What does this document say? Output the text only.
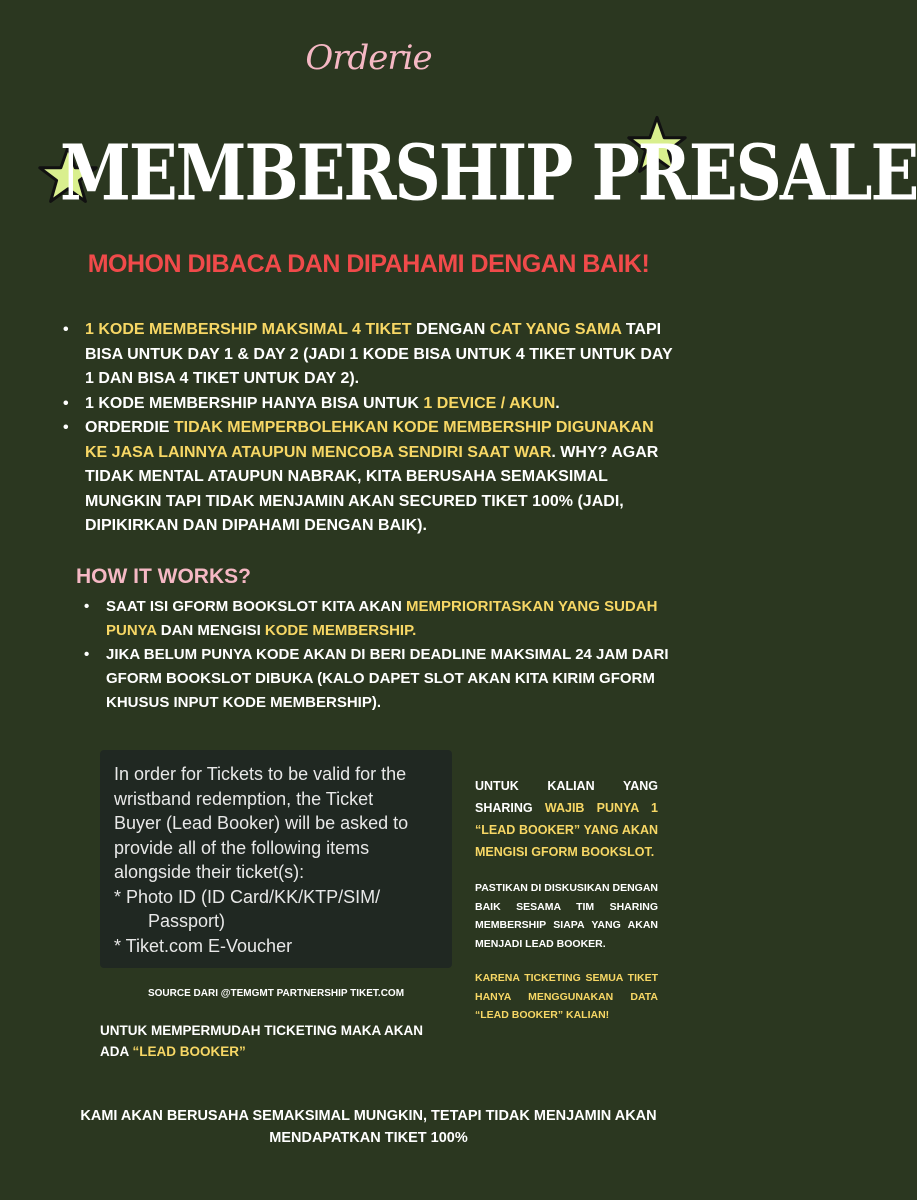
Orderie
MEMBERSHIP PRESALE
MOHON DIBACA DAN DIPAHAMI DENGAN BAIK!
• 1 KODE MEMBERSHIP MAKSIMAL 4 TIKET DENGAN CAT YANG SAMA TAPI BISA UNTUK DAY 1 & DAY 2 (JADI 1 KODE BISA UNTUK 4 TIKET UNTUK DAY 1 DAN BISA 4 TIKET UNTUK DAY 2).
• 1 KODE MEMBERSHIP HANYA BISA UNTUK 1 DEVICE / AKUN.
• ORDERDIE TIDAK MEMPERBOLEHKAN KODE MEMBERSHIP DIGUNAKAN KE JASA LAINNYA ATAUPUN MENCOBA SENDIRI SAAT WAR. WHY? AGAR TIDAK MENTAL ATAUPUN NABRAK, KITA BERUSAHA SEMAKSIMAL MUNGKIN TAPI TIDAK MENJAMIN AKAN SECURED TIKET 100% (JADI, DIPIKIRKAN DAN DIPAHAMI DENGAN BAIK).
HOW IT WORKS?
• SAAT ISI GFORM BOOKSLOT KITA AKAN MEMPRIORITASKAN YANG SUDAH PUNYA DAN MENGISI KODE MEMBERSHIP.
• JIKA BELUM PUNYA KODE AKAN DI BERI DEADLINE MAKSIMAL 24 JAM DARI GFORM BOOKSLOT DIBUKA (KALO DAPET SLOT AKAN KITA KIRIM GFORM KHUSUS INPUT KODE MEMBERSHIP).
In order for Tickets to be valid for the
wristband redemption, the Ticket
Buyer (Lead Booker) will be asked to
provide all of the following items
alongside their ticket(s):
* Photo ID (ID Card/KK/KTP/SIM/
Passport)
* Tiket.com E-Voucher
SOURCE DARI @TEMGMT PARTNERSHIP TIKET.COM
UNTUK MEMPERMUDAH TICKETING MAKA AKAN ADA “LEAD BOOKER”
UNTUK KALIAN YANG SHARING WAJIB PUNYA 1 “LEAD BOOKER” YANG AKAN MENGISI GFORM BOOKSLOT.
PASTIKAN DI DISKUSIKAN DENGAN BAIK SESAMA TIM SHARING MEMBERSHIP SIAPA YANG AKAN MENJADI LEAD BOOKER.
KARENA TICKETING SEMUA TIKET HANYA MENGGUNAKAN DATA “LEAD BOOKER” KALIAN!
KAMI AKAN BERUSAHA SEMAKSIMAL MUNGKIN, TETAPI TIDAK MENJAMIN AKAN MENDAPATKAN TIKET 100%
